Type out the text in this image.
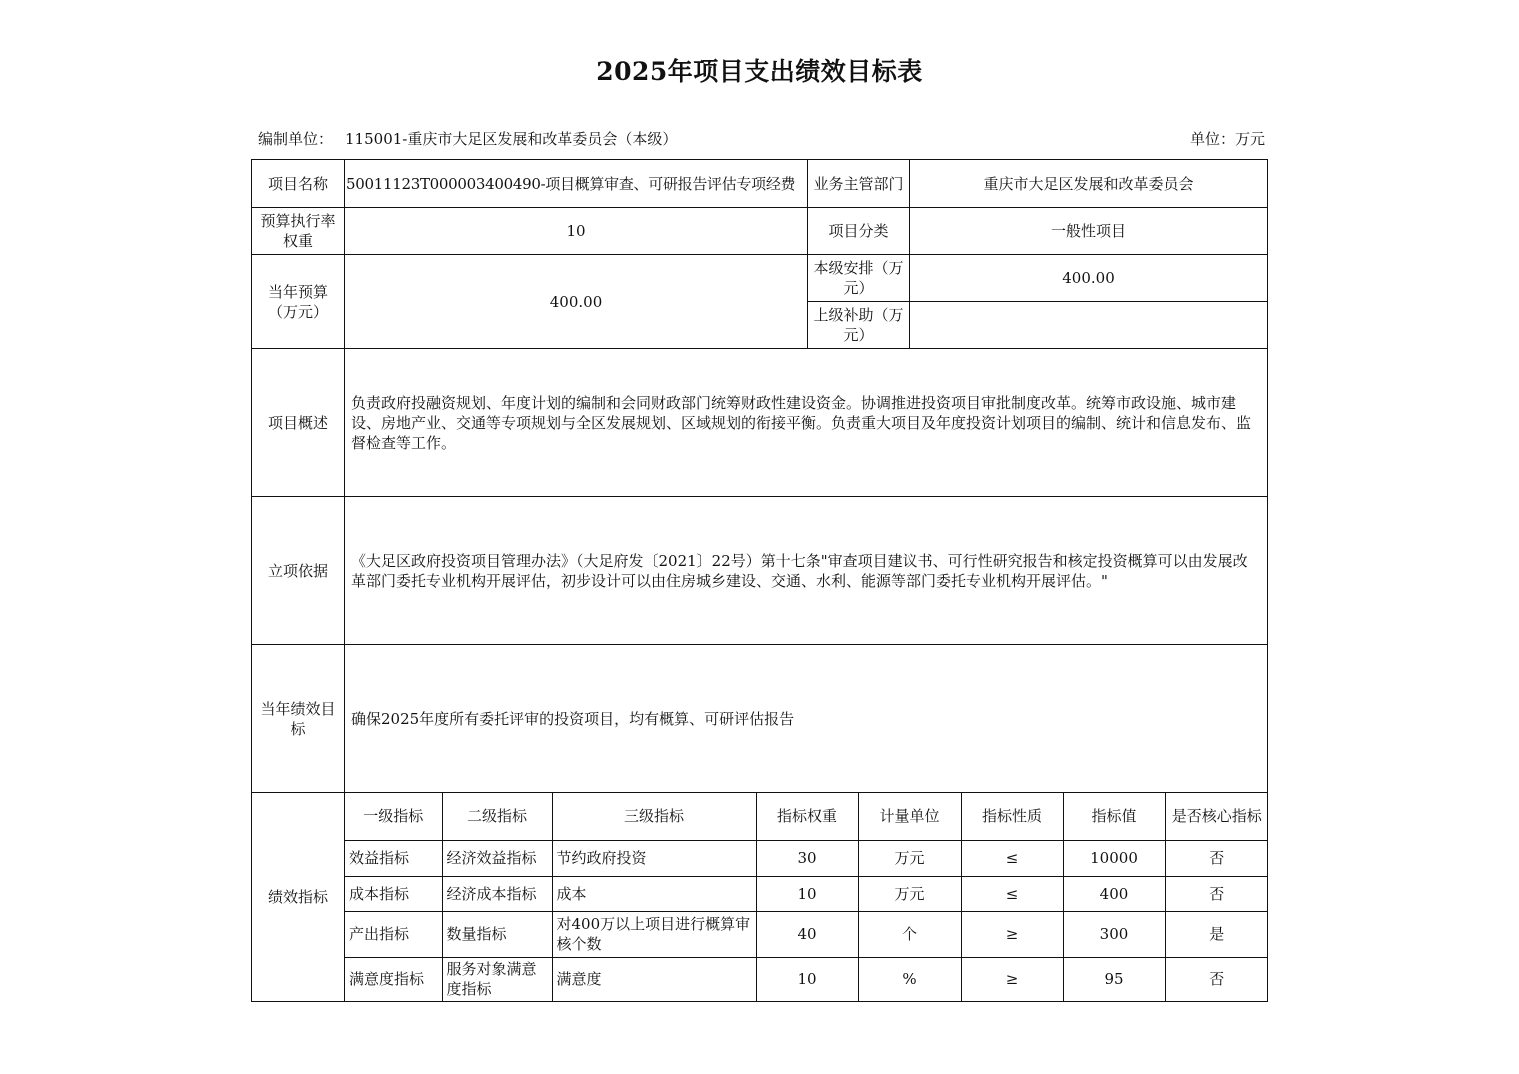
2025年项目支出绩效目标表
编制单位： 115001-重庆市大足区发展和改革委员会（本级）	单位：万元
项目名称	50011123T000003400490-项目概算审查、可研报告评估专项经费	业务主管部门	重庆市大足区发展和改革委员会
预算执行率权重	10	项目分类	一般性项目
当年预算（万元）	400.00	本级安排（万元）	400.00
上级补助（万元）	
项目概述	负责政府投融资规划、年度计划的编制和会同财政部门统筹财政性建设资金。协调推进投资项目审批制度改革。统筹市政设施、城市建设、房地产业、交通等专项规划与全区发展规划、区域规划的衔接平衡。负责重大项目及年度投资计划项目的编制、统计和信息发布、监督检查等工作。
立项依据	《大足区政府投资项目管理办法》（大足府发〔2021〕22号）第十七条"审查项目建议书、可行性研究报告和核定投资概算可以由发展改革部门委托专业机构开展评估，初步设计可以由住房城乡建设、交通、水利、能源等部门委托专业机构开展评估。"
当年绩效目标	确保2025年度所有委托评审的投资项目，均有概算、可研评估报告
绩效指标	
一级指标	二级指标	三级指标	指标权重	计量单位	指标性质	指标值	是否核心指标
效益指标	经济效益指标	节约政府投资	30	万元	≤	10000	否
成本指标	经济成本指标	成本	10	万元	≤	400	否
产出指标	数量指标	对400万以上项目进行概算审核个数	40	个	≥	300	是
满意度指标	服务对象满意度指标	满意度	10	%	≥	95	否
